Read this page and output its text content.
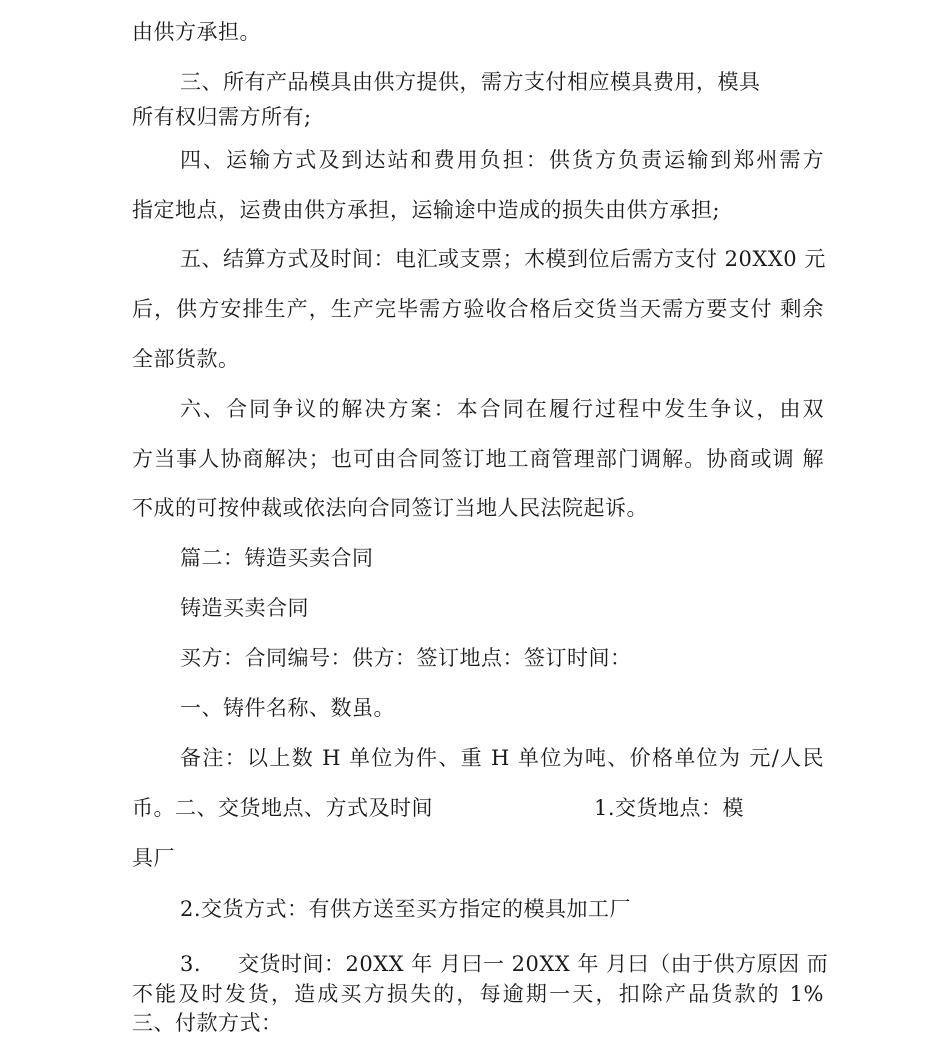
由供方承担。
三、所有产品模具由供方提供，需方支付相应模具费用，模具
所有权归需方所有;
四、运输方式及到达站和费用负担：供货方负责运输到郑州需方
指定地点，运费由供方承担，运输途中造成的损失由供方承担;
五、结算方式及时间：电汇或支票；木模到位后需方支付 20XX0 元
后，供方安排生产，生产完毕需方验收合格后交货当天需方要支付 剩余
全部货款。
六、合同争议的解决方案：本合同在履行过程中发生争议，由双
方当事人协商解决；也可由合同签订地工商管理部门调解。协商或调 解
不成的可按仲裁或依法向合同签订当地人民法院起诉。
篇二：铸造买卖合同
铸造买卖合同
买方：合同编号：供方：签订地点：签订时间：
一、铸件名称、数虽。
备注：以上数 H 单位为件、重 H 单位为吨、价格单位为 元/人民
币。二、交货地点、方式及时间	1.交货地点：模
具厂
2.交货方式：有供方送至买方指定的模具加工厂
3. 交货时间：20XX 年 月曰一 20XX 年 月曰（由于供方原因 而
不能及时发货，造成买方损失的，每逾期一天，扣除产品货款的 1%
三、付款方式：
